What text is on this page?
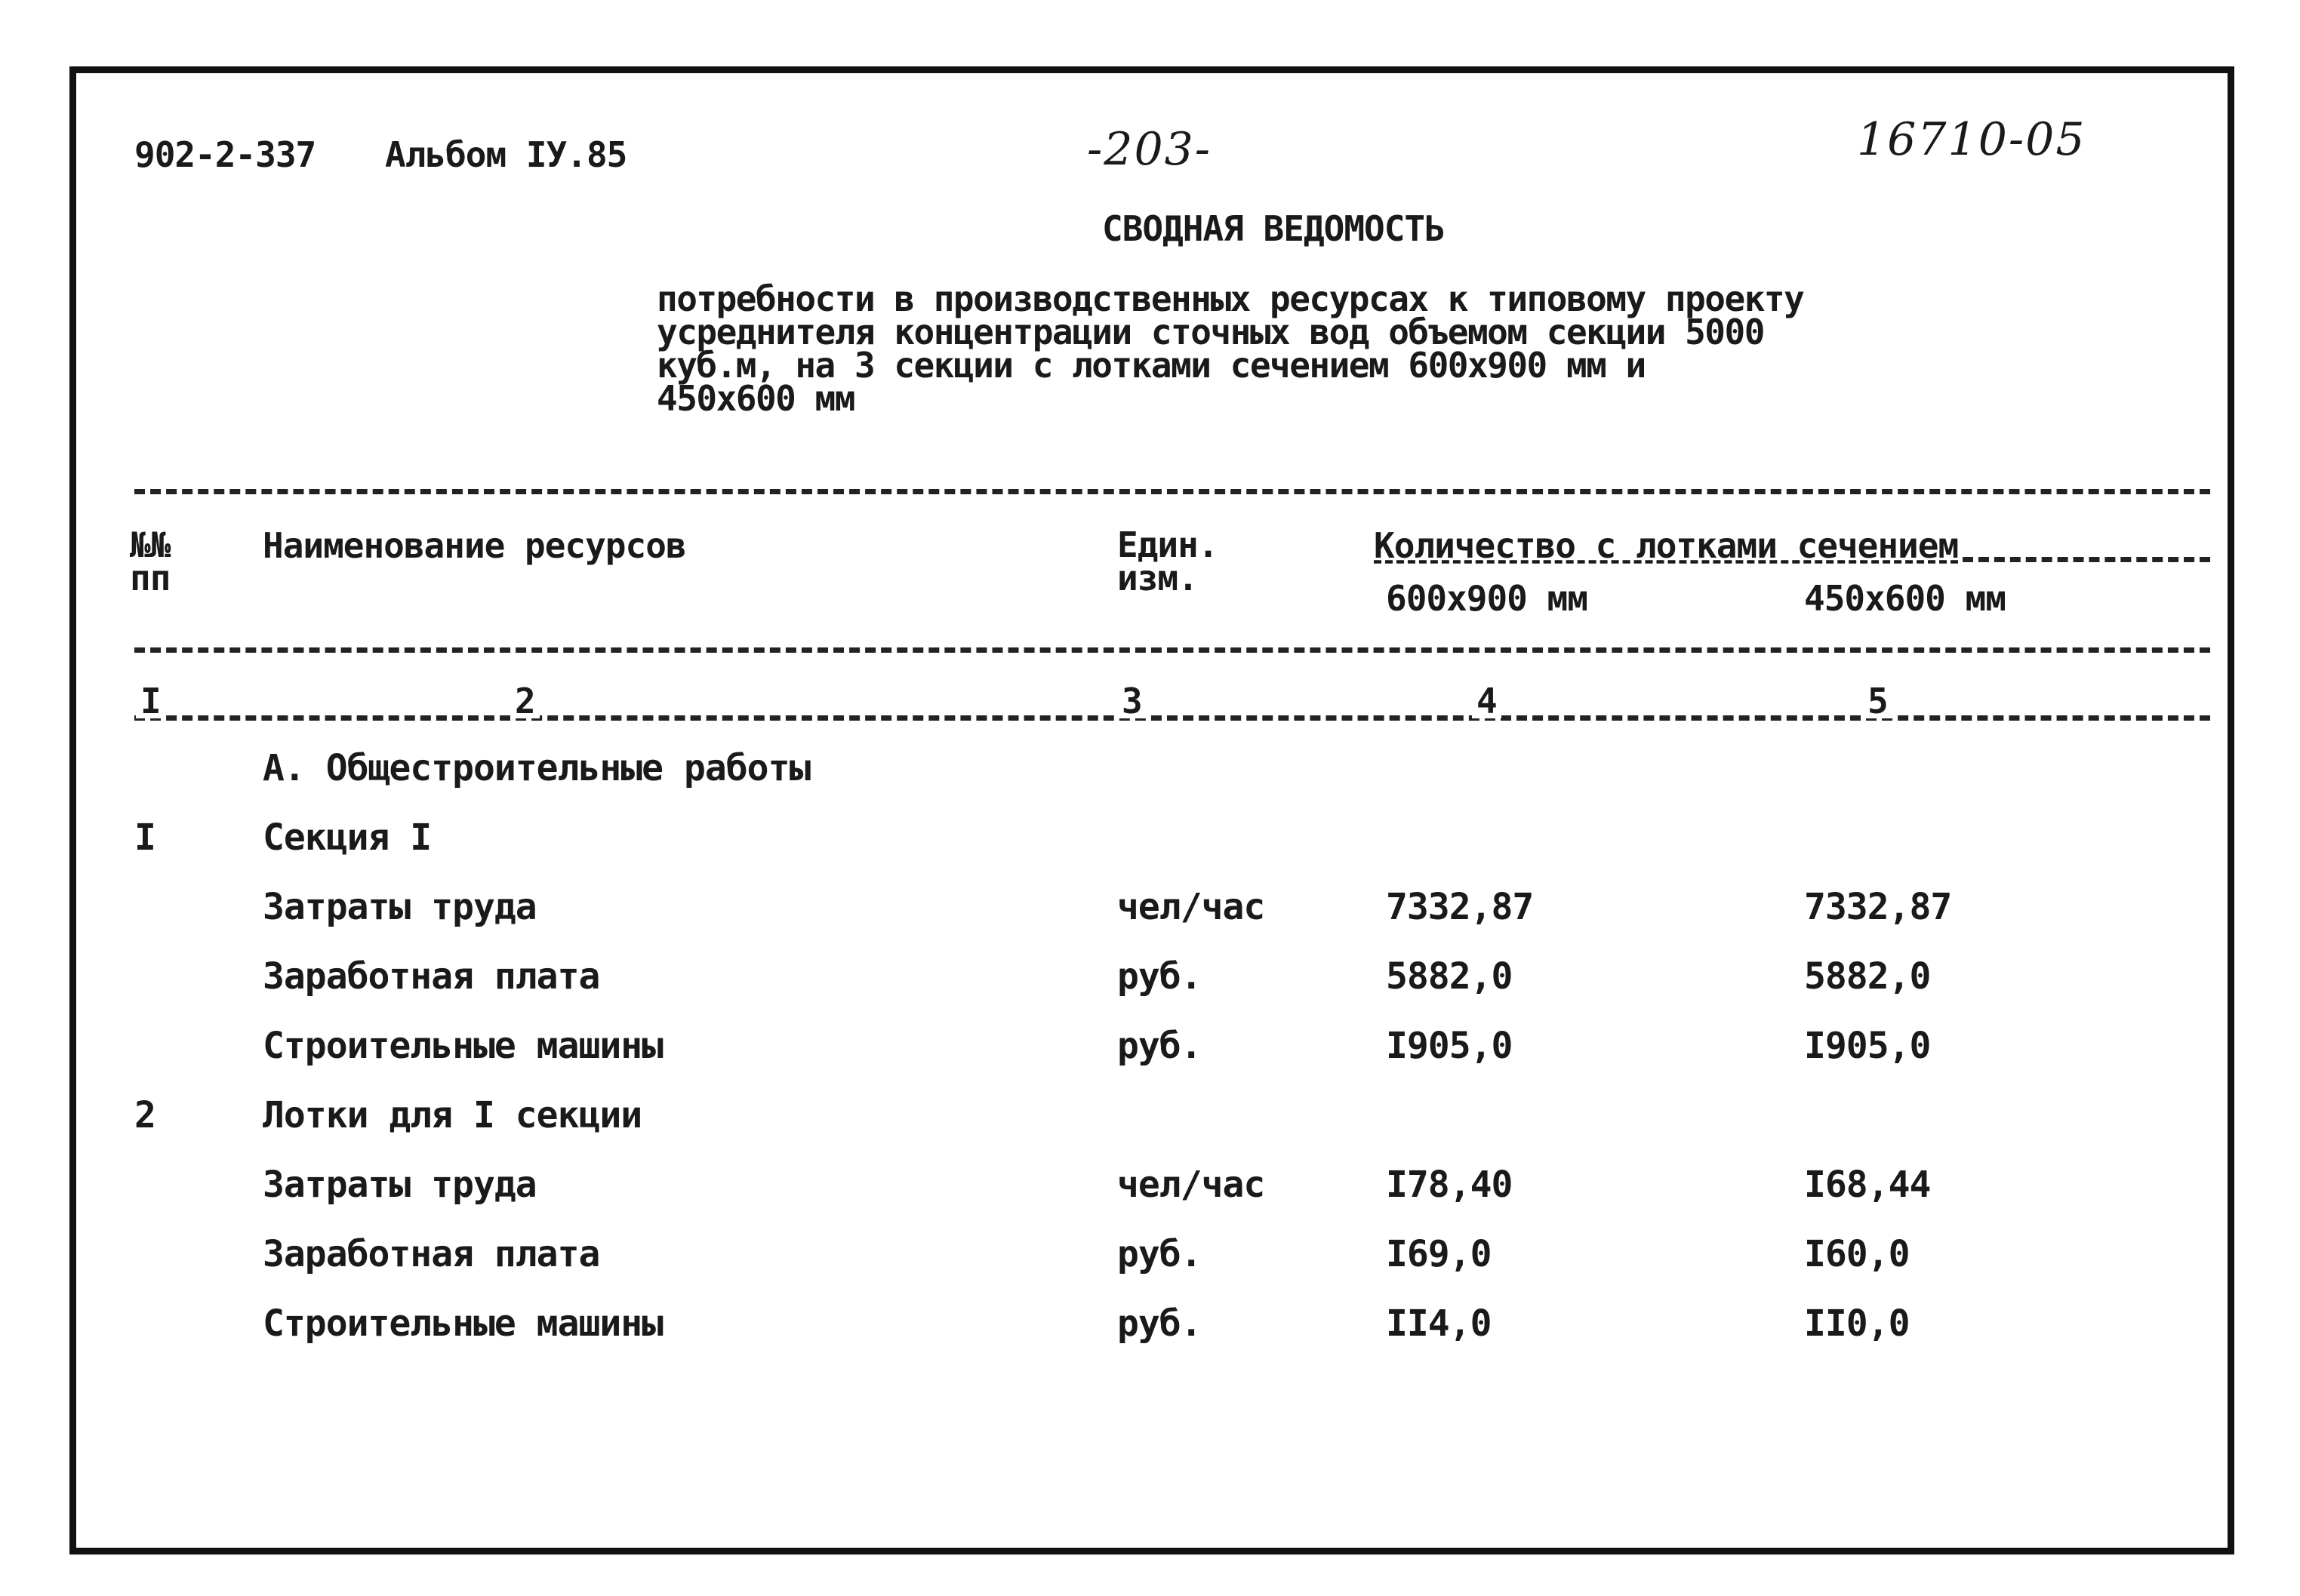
902-2-337 Альбом IУ.85	-203-	16710-05
СВОДНАЯ ВЕДОМОСТЬ
потребности в производственных ресурсах к типовому проекту
усреднителя концентрации сточных вод объемом секции 5000
куб.м, на 3 секции с лотками сечением 600x900 мм и
450x600 мм
№№
пп
Наименование ресурсов	Един.
изм.
Количество с лотками сечением
600x900 мм	450x600 мм
I	2	3	4	5
А. Общестроительные работы
I	Секция I
Затраты труда	чел/час	7332,87	7332,87
Заработная плата	руб.	5882,0	5882,0
Строительные машины	руб.	I905,0	I905,0
2	Лотки для I секции
Затраты труда	чел/час	I78,40	I68,44
Заработная плата	руб.	I69,0	I60,0
Строительные машины	руб.	II4,0	II0,0
